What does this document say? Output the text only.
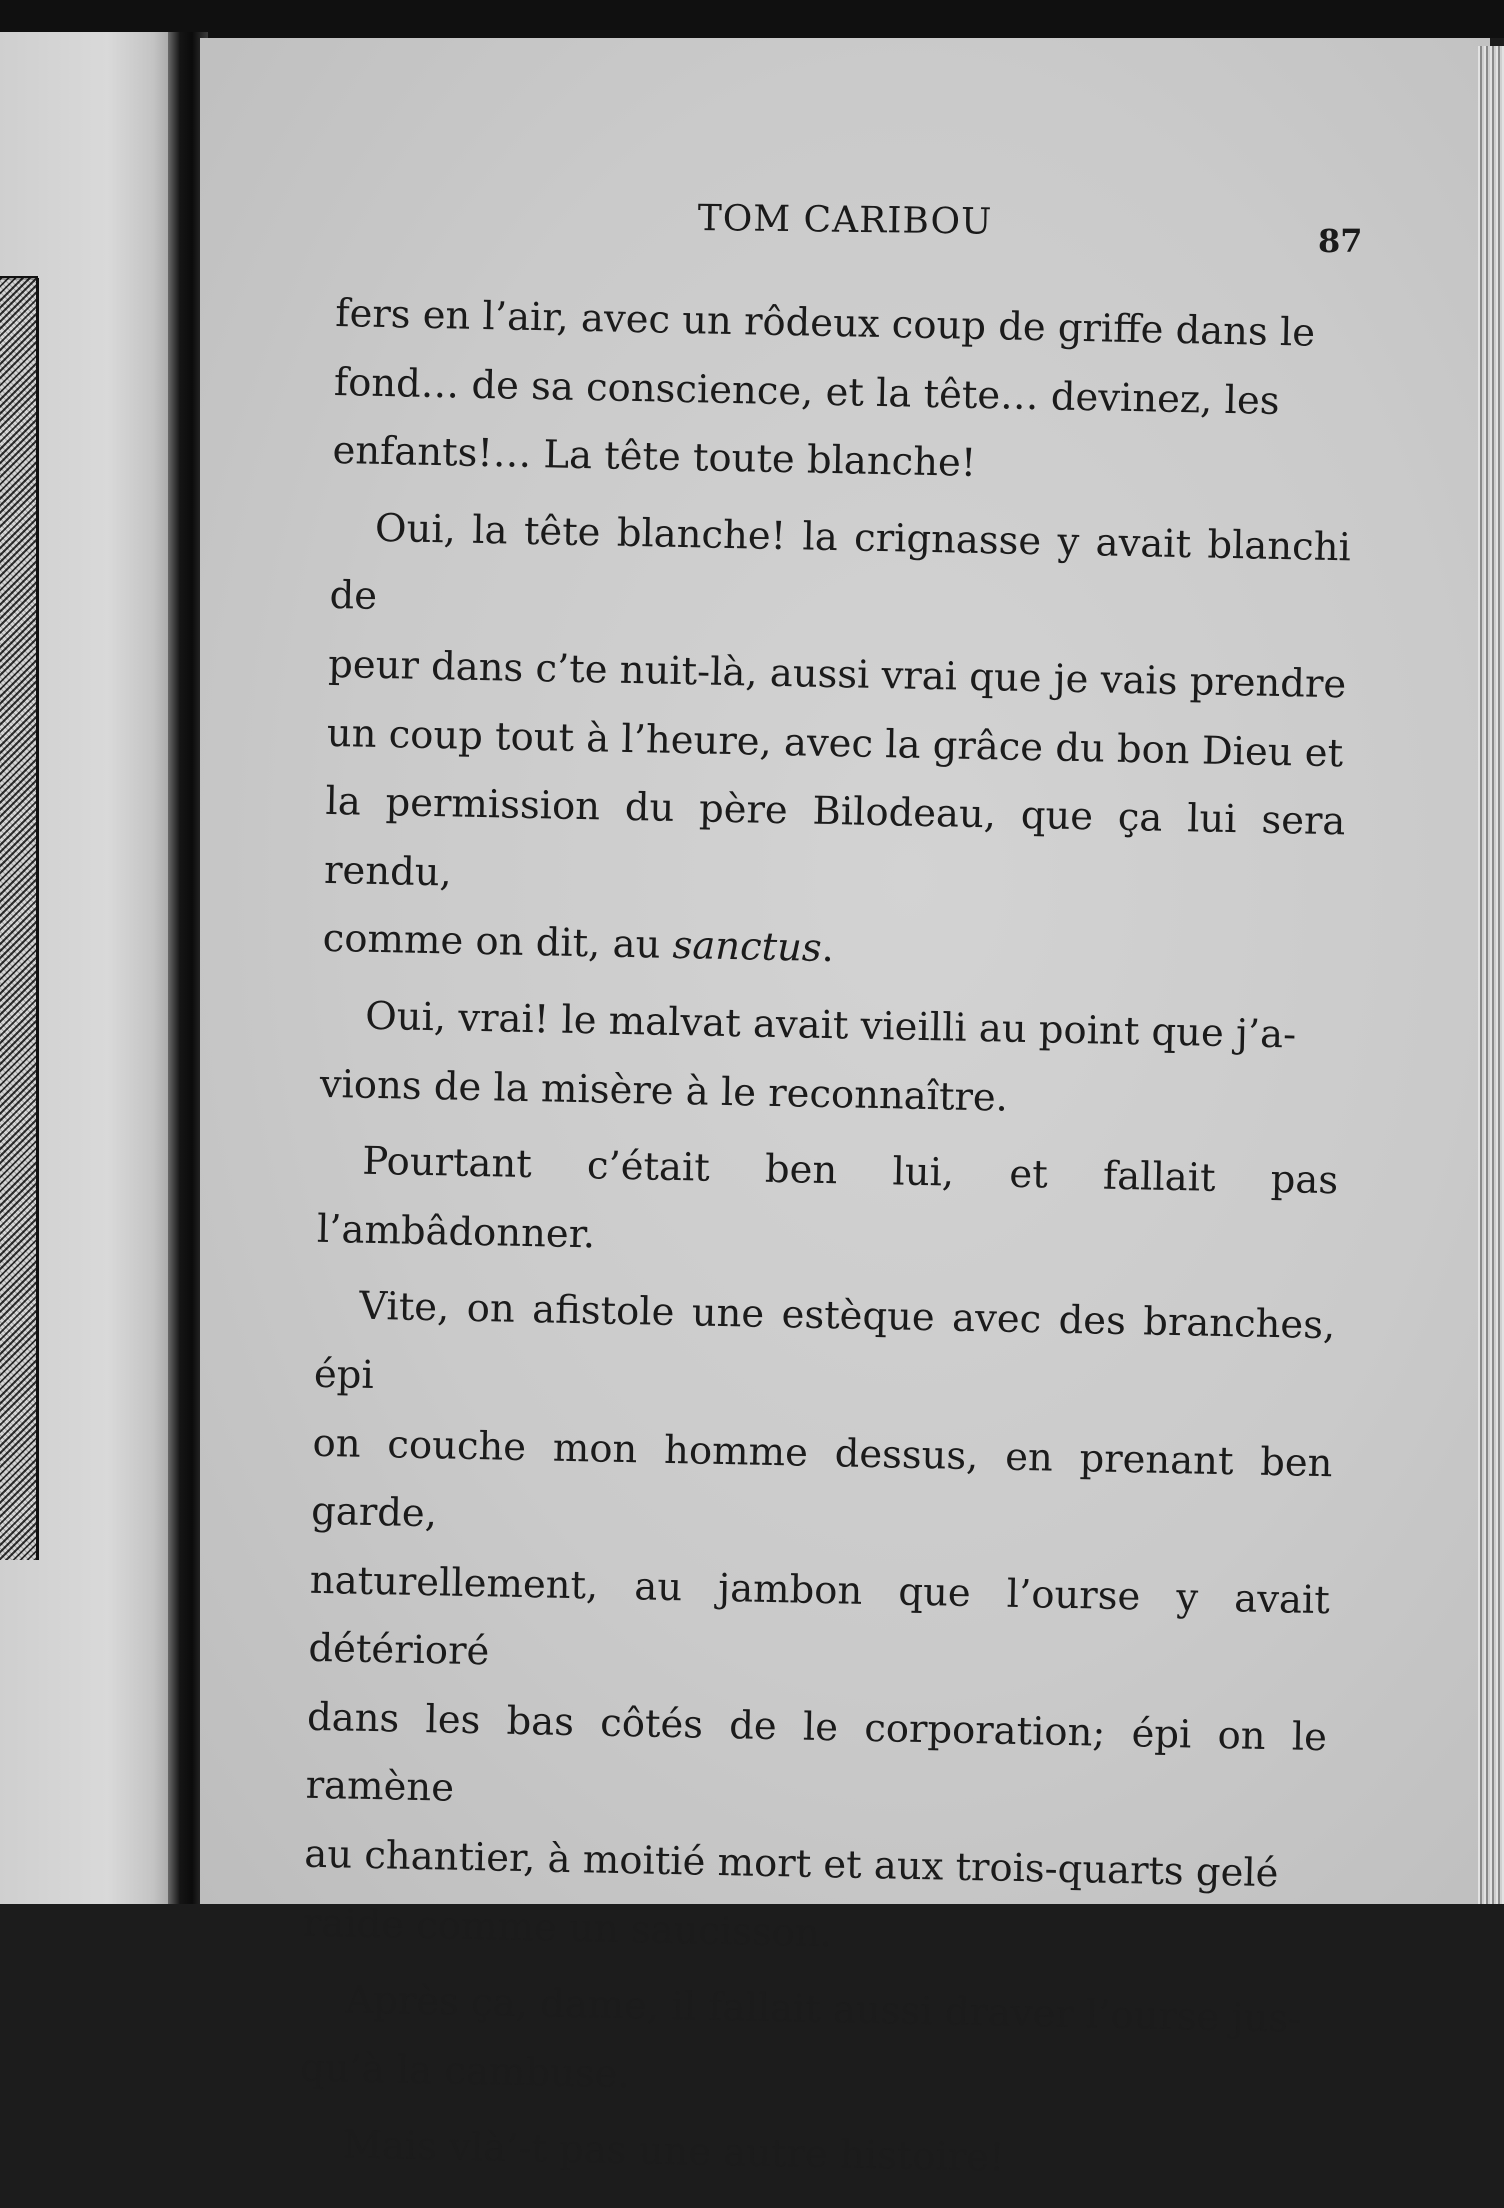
TOM CARIBOU	87

fers en l’air, avec un rôdeux coup de griffe dans le
fond… de sa conscience, et la tête… devinez, les
enfants!… La tête toute blanche!

Oui, la tête blanche! la crignasse y avait blanchi de
peur dans c’te nuit-là, aussi vrai que je vais prendre
un coup tout à l’heure, avec la grâce du bon Dieu et
la permission du père Bilodeau, que ça lui sera rendu,
comme on dit, au sanctus.

Oui, vrai! le malvat avait vieilli au point que j’a-
vions de la misère à le reconnaître.

Pourtant c’était ben lui, et fallait pas l’ambâdonner.

Vite, on afistole une estèque avec des branches, épi
on couche mon homme dessus, en prenant ben garde,
naturellement, au jambon que l’ourse y avait détérioré
dans les bas côtés de le corporation; épi on le ramène
au chantier, à moitié mort et aux trois-quarts gelé
raide comme un saucisson.

Après ça, dame, il fallait aussi draver l’ourse jus-
qu’à la cambuse.

Mais vlà’-t pas une autre histoire!
